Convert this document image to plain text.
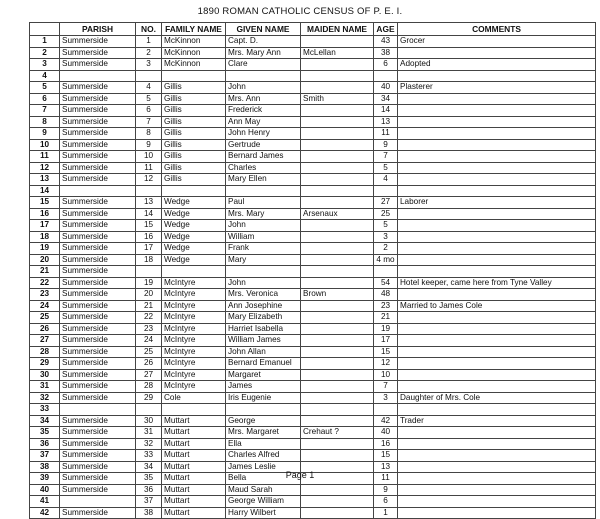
1890 ROMAN CATHOLIC CENSUS OF P. E. I.
	PARISH	NO.	FAMILY NAME	GIVEN NAME	MAIDEN NAME	AGE	COMMENTS
1	Summerside	1	McKinnon	Capt. D.		43	Grocer
2	Summerside	2	McKinnon	Mrs. Mary Ann	McLellan	38	
3	Summerside	3	McKinnon	Clare		6	Adopted
4							
5	Summerside	4	Gillis	John		40	Plasterer
6	Summerside	5	Gillis	Mrs. Ann	Smith	34	
7	Summerside	6	Gillis	Frederick		14	
8	Summerside	7	Gillis	Ann May		13	
9	Summerside	8	Gillis	John Henry		11	
10	Summerside	9	Gillis	Gertrude		9	
11	Summerside	10	Gillis	Bernard James		7	
12	Summerside	11	Gillis	Charles		5	
13	Summerside	12	Gillis	Mary Ellen		4	
14							
15	Summerside	13	Wedge	Paul		27	Laborer
16	Summerside	14	Wedge	Mrs. Mary	Arsenaux	25	
17	Summerside	15	Wedge	John		5	
18	Summerside	16	Wedge	William		3	
19	Summerside	17	Wedge	Frank		2	
20	Summerside	18	Wedge	Mary		4 mo	
21	Summerside						
22	Summerside	19	McIntyre	John		54	Hotel keeper, came here from Tyne Valley
23	Summerside	20	McIntyre	Mrs. Veronica	Brown	48	
24	Summerside	21	McIntyre	Ann Josephine		23	Married to James Cole
25	Summerside	22	McIntyre	Mary Elizabeth		21	
26	Summerside	23	McIntyre	Harriet Isabella		19	
27	Summerside	24	McIntyre	William James		17	
28	Summerside	25	McIntyre	John Allan		15	
29	Summerside	26	McIntyre	Bernard Emanuel		12	
30	Summerside	27	McIntyre	Margaret		10	
31	Summerside	28	McIntyre	James		7	
32	Summerside	29	Cole	Iris Eugenie		3	Daughter of Mrs. Cole
33							
34	Summerside	30	Muttart	George		42	Trader
35	Summerside	31	Muttart	Mrs. Margaret	Crehaut ?	40	
36	Summerside	32	Muttart	Ella		16	
37	Summerside	33	Muttart	Charles Alfred		15	
38	Summerside	34	Muttart	James Leslie		13	
39	Summerside	35	Muttart	Bella		11	
40	Summerside	36	Muttart	Maud Sarah		9	
41		37	Muttart	George William		6	
42	Summerside	38	Muttart	Harry Wilbert		1	
Page 1
